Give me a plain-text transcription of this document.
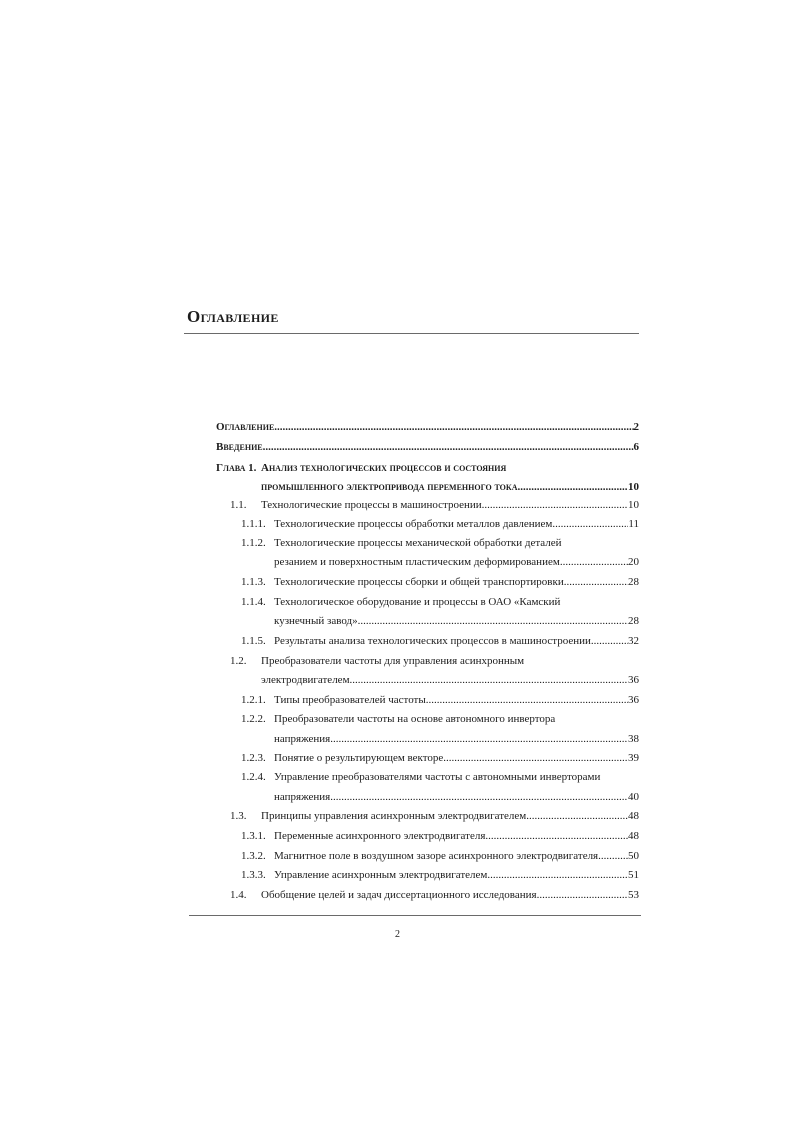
Оглавление
Оглавление .....	2
Введение .....	6
Глава 1. Анализ технологических процессов и состояния
промышленного электропривода переменного тока .....	10
1.1. Технологические процессы в машиностроении .....	10
1.1.1. Технологические процессы обработки металлов давлением .....	11
1.1.2. Технологические процессы механической обработки деталей
резанием и поверхностным пластическим деформированием .....	20
1.1.3. Технологические процессы сборки и общей транспортировки .....	28
1.1.4. Технологическое оборудование и процессы в ОАО «Камский
кузнечный завод» .....	28
1.1.5. Результаты анализа технологических процессов в машиностроении .....	32
1.2. Преобразователи частоты для управления асинхронным
электродвигателем .....	36
1.2.1. Типы преобразователей частоты .....	36
1.2.2. Преобразователи частоты на основе автономного инвертора
напряжения .....	38
1.2.3. Понятие о результирующем векторе .....	39
1.2.4. Управление преобразователями частоты с автономными инверторами
напряжения .....	40
1.3. Принципы управления асинхронным электродвигателем .....	48
1.3.1. Переменные асинхронного электродвигателя .....	48
1.3.2. Магнитное поле в воздушном зазоре асинхронного электродвигателя .....	50
1.3.3. Управление асинхронным электродвигателем .....	51
1.4. Обобщение целей и задач диссертационного исследования .....	53
2
